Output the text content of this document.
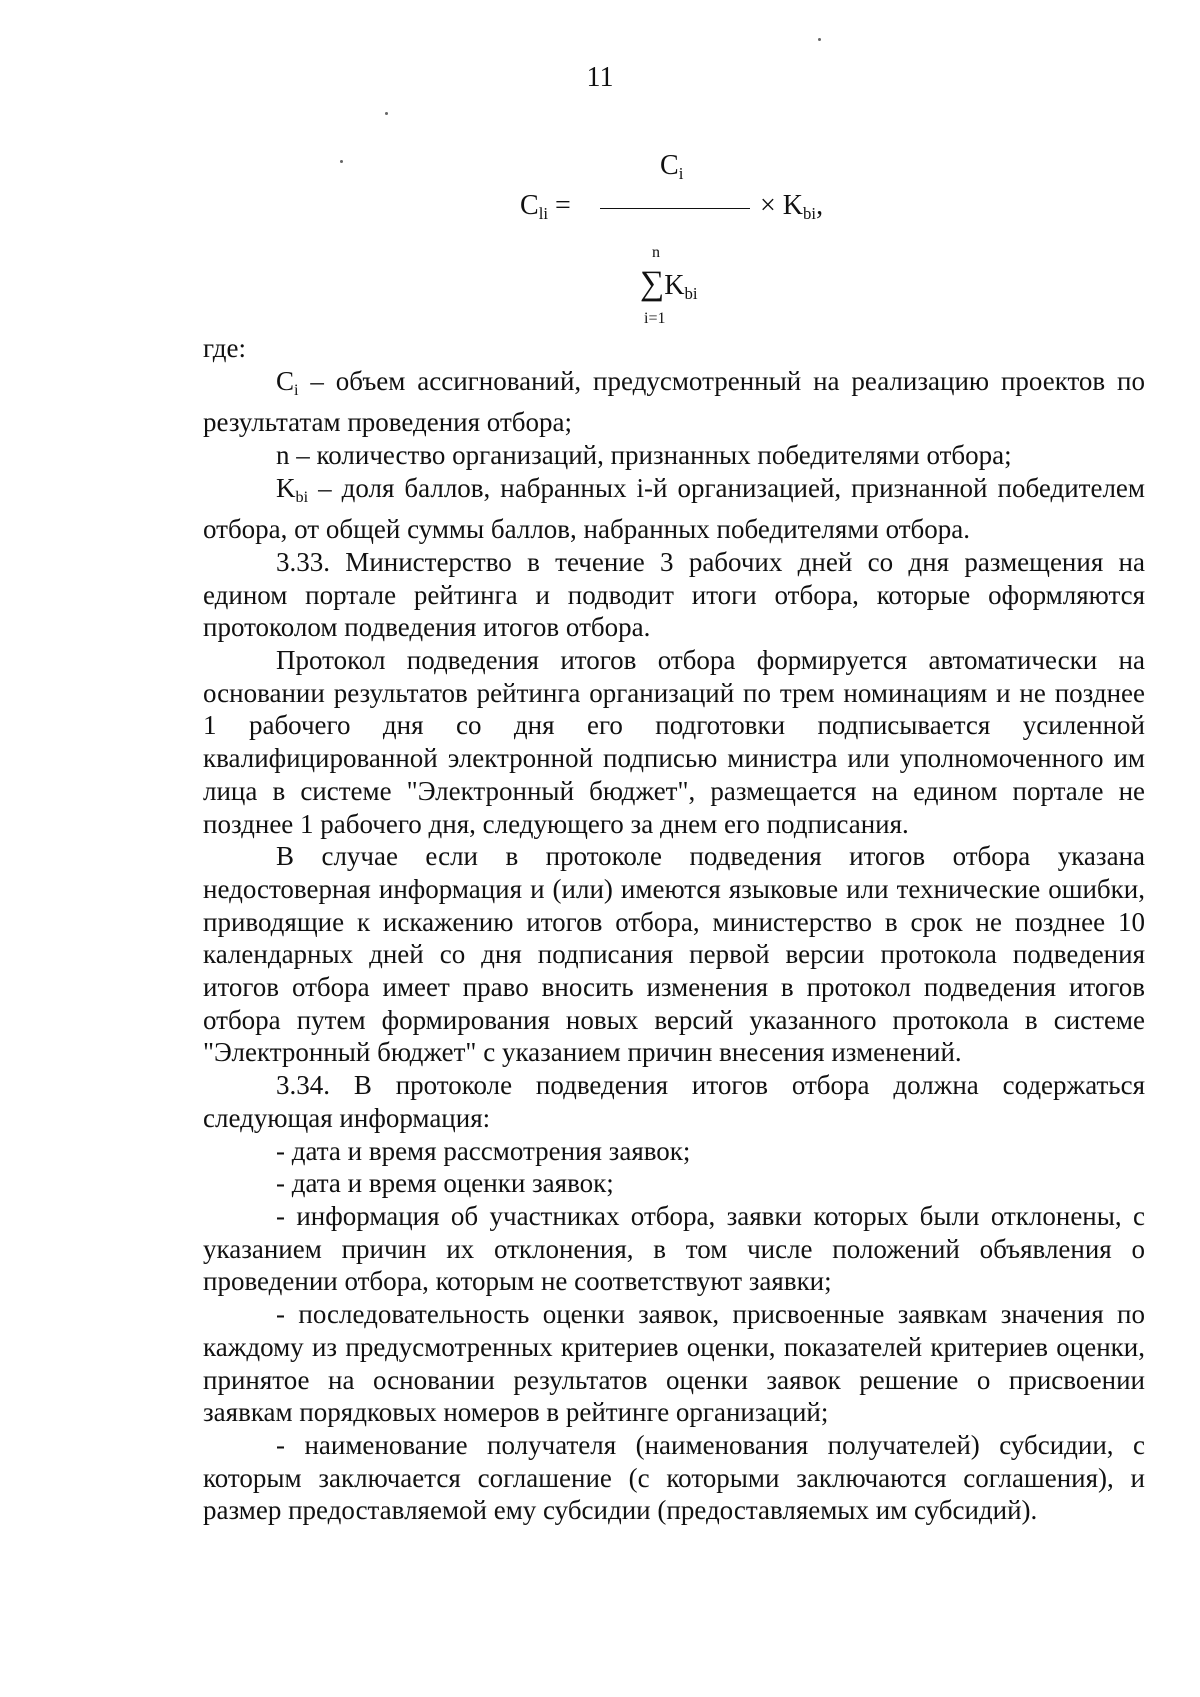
11
$C_i$
$C_{li}$ =	× $K_{bi}$,
n
$\sum K_{bi}$
i=1

где:

$C_i$ – объем ассигнований, предусмотренный на реализацию проектов по результатам проведения отбора;

n – количество организаций, признанных победителями отбора;

$K_{bi}$ – доля баллов, набранных i-й организацией, признанной победителем отбора, от общей суммы баллов, набранных победителями отбора.

3.33. Министерство в течение 3 рабочих дней со дня размещения на едином портале рейтинга и подводит итоги отбора, которые оформляются протоколом подведения итогов отбора.

Протокол подведения итогов отбора формируется автоматически на основании результатов рейтинга организаций по трем номинациям и не позднее 1 рабочего дня со дня его подготовки подписывается усиленной квалифицированной электронной подписью министра или уполномоченного им лица в системе "Электронный бюджет", размещается на едином портале не позднее 1 рабочего дня, следующего за днем его подписания.

В случае если в протоколе подведения итогов отбора указана недостоверная информация и (или) имеются языковые или технические ошибки, приводящие к искажению итогов отбора, министерство в срок не позднее 10 календарных дней со дня подписания первой версии протокола подведения итогов отбора имеет право вносить изменения в протокол подведения итогов отбора путем формирования новых версий указанного протокола в системе "Электронный бюджет" с указанием причин внесения изменений.

3.34. В протоколе подведения итогов отбора должна содержаться следующая информация:

- дата и время рассмотрения заявок;

- дата и время оценки заявок;

- информация об участниках отбора, заявки которых были отклонены, с указанием причин их отклонения, в том числе положений объявления о проведении отбора, которым не соответствуют заявки;

- последовательность оценки заявок, присвоенные заявкам значения по каждому из предусмотренных критериев оценки, показателей критериев оценки, принятое на основании результатов оценки заявок решение о присвоении заявкам порядковых номеров в рейтинге организаций;

- наименование получателя (наименования получателей) субсидии, с которым заключается соглашение (с которыми заключаются соглашения), и размер предоставляемой ему субсидии (предоставляемых им субсидий).
